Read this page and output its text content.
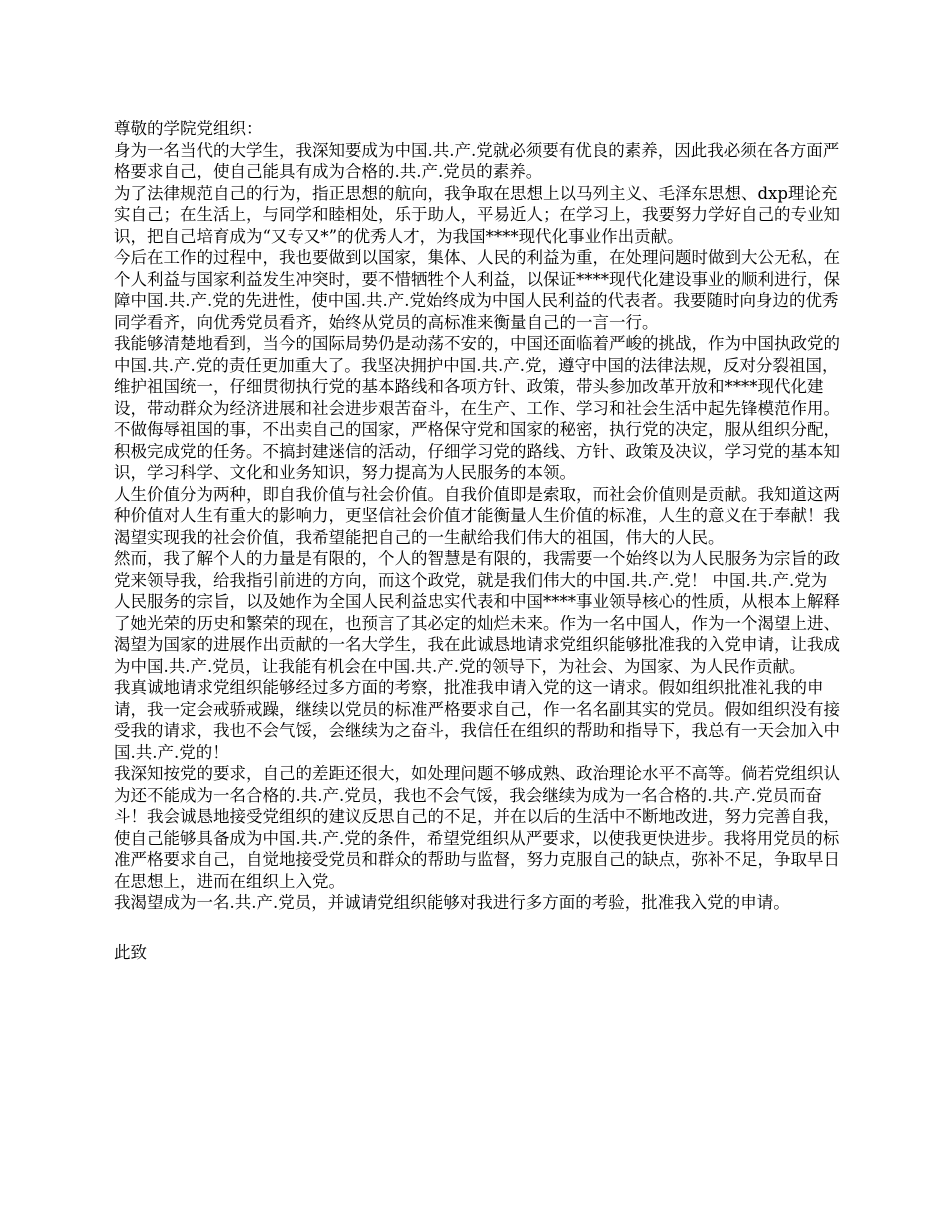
尊敬的学院党组织：

身为一名当代的大学生，我深知要成为中国.共.产.党就必须要有优良的素养，因此我必须在各方面严格要求自己，使自己能具有成为合格的.共.产.党员的素养。

为了法律规范自己的行为，指正思想的航向，我争取在思想上以马列主义、毛泽东思想、dxp理论充实自己；在生活上，与同学和睦相处，乐于助人，平易近人；在学习上，我要努力学好自己的专业知识，把自己培育成为“又专又*”的优秀人才，为我国****现代化事业作出贡献。

今后在工作的过程中，我也要做到以国家，集体、人民的利益为重，在处理问题时做到大公无私，在个人利益与国家利益发生冲突时，要不惜牺牲个人利益，以保证****现代化建设事业的顺利进行，保障中国.共.产.党的先进性，使中国.共.产.党始终成为中国人民利益的代表者。我要随时向身边的优秀同学看齐，向优秀党员看齐，始终从党员的高标准来衡量自己的一言一行。

我能够清楚地看到，当今的国际局势仍是动荡不安的，中国还面临着严峻的挑战，作为中国执政党的中国.共.产.党的责任更加重大了。我坚决拥护中国.共.产.党，遵守中国的法律法规，反对分裂祖国，维护祖国统一，仔细贯彻执行党的基本路线和各项方针、政策，带头参加改革开放和****现代化建设，带动群众为经济进展和社会进步艰苦奋斗，在生产、工作、学习和社会生活中起先锋模范作用。

不做侮辱祖国的事，不出卖自己的国家，严格保守党和国家的秘密，执行党的决定，服从组织分配，积极完成党的任务。不搞封建迷信的活动，仔细学习党的路线、方针、政策及决议，学习党的基本知识，学习科学、文化和业务知识，努力提高为人民服务的本领。

人生价值分为两种，即自我价值与社会价值。自我价值即是索取，而社会价值则是贡献。我知道这两种价值对人生有重大的影响力，更坚信社会价值才能衡量人生价值的标准，人生的意义在于奉献！我渴望实现我的社会价值，我希望能把自己的一生献给我们伟大的祖国，伟大的人民。

然而，我了解个人的力量是有限的，个人的智慧是有限的，我需要一个始终以为人民服务为宗旨的政党来领导我，给我指引前进的方向，而这个政党，就是我们伟大的中国.共.产.党！ 中国.共.产.党为人民服务的宗旨，以及她作为全国人民利益忠实代表和中国****事业领导核心的性质，从根本上解释了她光荣的历史和繁荣的现在，也预言了其必定的灿烂未来。作为一名中国人，作为一个渴望上进、渴望为国家的进展作出贡献的一名大学生，我在此诚恳地请求党组织能够批准我的入党申请，让我成为中国.共.产.党员，让我能有机会在中国.共.产.党的领导下，为社会、为国家、为人民作贡献。

我真诚地请求党组织能够经过多方面的考察，批准我申请入党的这一请求。假如组织批准礼我的申请，我一定会戒骄戒躁，继续以党员的标准严格要求自己，作一名名副其实的党员。假如组织没有接受我的请求，我也不会气馁，会继续为之奋斗，我信任在组织的帮助和指导下，我总有一天会加入中国.共.产.党的！

我深知按党的要求，自己的差距还很大，如处理问题不够成熟、政治理论水平不高等。倘若党组织认为还不能成为一名合格的.共.产.党员，我也不会气馁，我会继续为成为一名合格的.共.产.党员而奋斗！我会诚恳地接受党组织的建议反思自己的不足，并在以后的生活中不断地改进，努力完善自我，使自己能够具备成为中国.共.产.党的条件，希望党组织从严要求，以使我更快进步。我将用党员的标准严格要求自己，自觉地接受党员和群众的帮助与监督，努力克服自己的缺点，弥补不足，争取早日在思想上，进而在组织上入党。

我渴望成为一名.共.产.党员，并诚请党组织能够对我进行多方面的考验，批准我入党的申请。

此致
